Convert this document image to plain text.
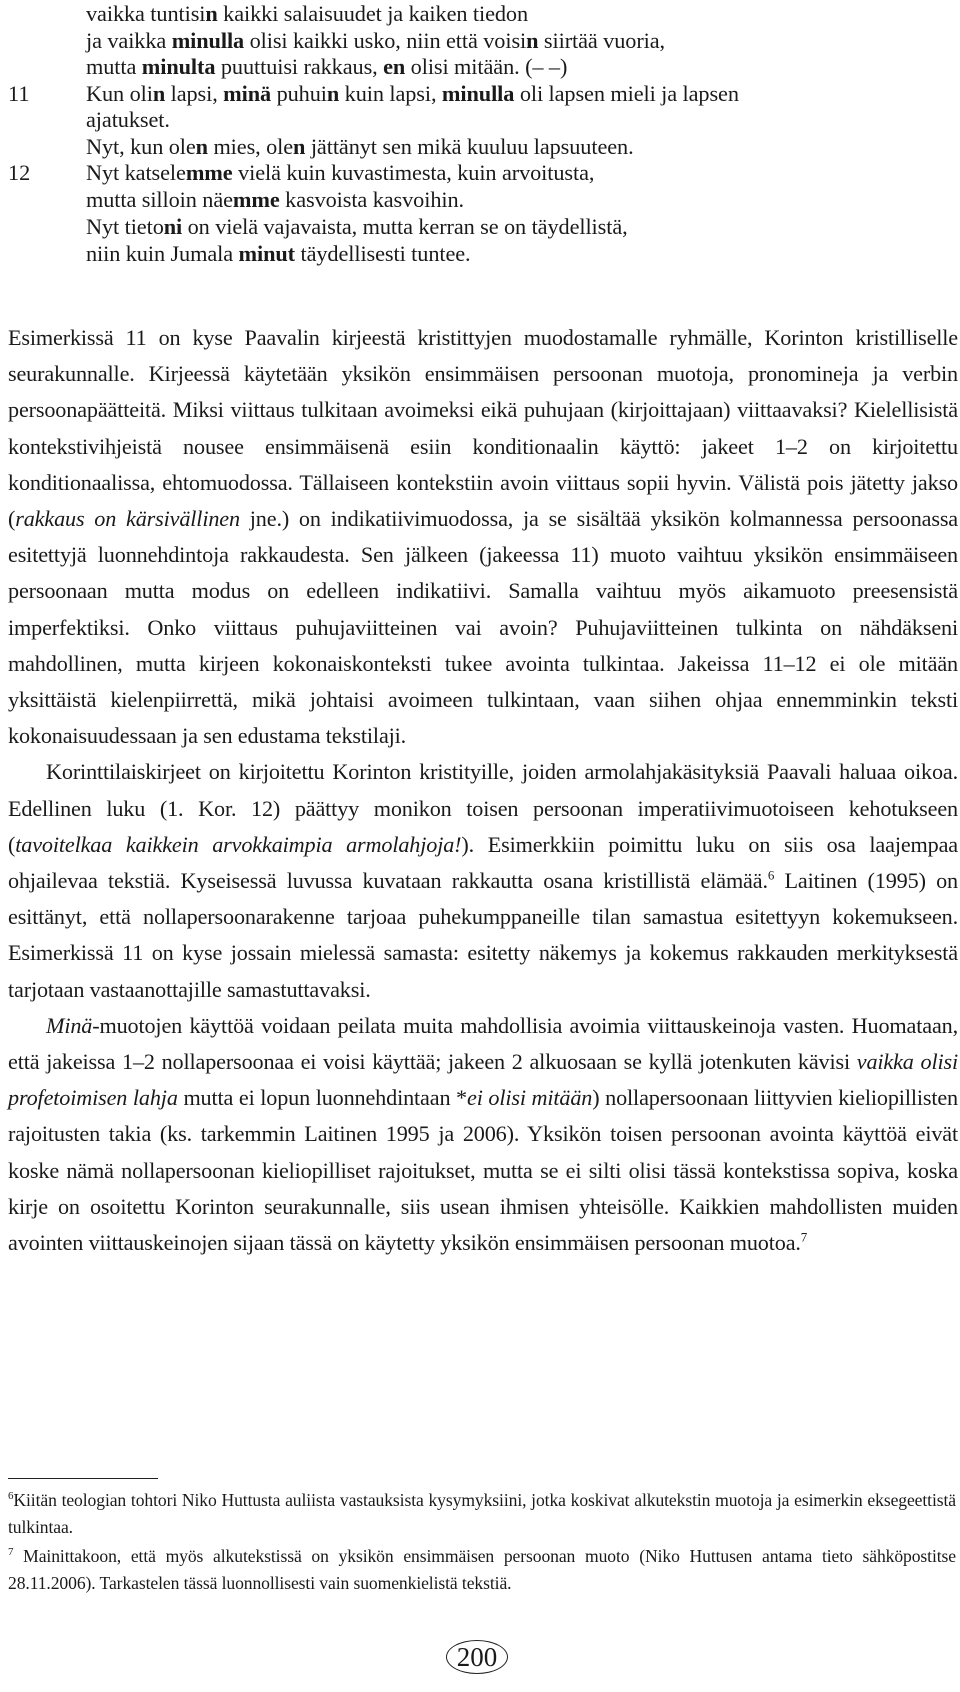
vaikka tuntisin kaikki salaisuudet ja kaiken tiedon
ja vaikka minulla olisi kaikki usko, niin että voisin siirtää vuoria,
mutta minulta puuttuisi rakkaus, en olisi mitään. (– –)
11	Kun olin lapsi, minä puhuin kuin lapsi, minulla oli lapsen mieli ja lapsen
ajatukset.
Nyt, kun olen mies, olen jättänyt sen mikä kuuluu lapsuuteen.
12 Nyt katselemme vielä kuin kuvastimesta, kuin arvoitusta,
mutta silloin näemme kasvoista kasvoihin.
Nyt tietoni on vielä vajavaista, mutta kerran se on täydellistä,
niin kuin Jumala minut täydellisesti tuntee.

Esimerkissä 11 on kyse Paavalin kirjeestä kristittyjen muodostamalle ryhmälle, Korinton kristilliselle seurakunnalle. Kirjeessä käytetään yksikön ensimmäisen persoonan muotoja, pronomineja ja verbin persoonapäätteitä. Miksi viittaus tulkitaan avoimeksi eikä puhujaan (kirjoittajaan) viittaavaksi? Kielellisistä kontekstivihjeistä nousee ensimmäisenä esiin konditionaalin käyttö: jakeet 1–2 on kirjoitettu konditionaalissa, ehtomuodossa. Tällaiseen kontekstiin avoin viittaus sopii hyvin. Välistä pois jätetty jakso (rakkaus on kärsivällinen jne.) on indikatiivimuodossa, ja se sisältää yksikön kolmannessa persoonassa esitettyjä luonnehdintoja rakkaudesta. Sen jälkeen (jakeessa 11) muoto vaihtuu yksikön ensimmäiseen persoonaan mutta modus on edelleen indikatiivi. Samalla vaihtuu myös aikamuoto preesensistä imperfektiksi. Onko viittaus puhujaviitteinen vai avoin? Puhujaviitteinen tulkinta on nähdäkseni mahdollinen, mutta kirjeen kokonaiskonteksti tukee avointa tulkintaa. Jakeissa 11–12 ei ole mitään yksittäistä kielenpiirrettä, mikä johtaisi avoimeen tulkintaan, vaan siihen ohjaa ennemminkin teksti kokonaisuudessaan ja sen edustama tekstilaji.

Korinttilaiskirjeet on kirjoitettu Korinton kristityille, joiden armolahjakäsityksiä Paavali haluaa oikoa. Edellinen luku (1. Kor. 12) päättyy monikon toisen persoonan imperatiivimuotoiseen kehotukseen (tavoitelkaa kaikkein arvokkaimpia armolahjoja!). Esimerkkiin poimittu luku on siis osa laajempaa ohjailevaa tekstiä. Kyseisessä luvussa kuvataan rakkautta osana kristillistä elämää.$^6$ Laitinen (1995) on esittänyt, että nollapersoonarakenne tarjoaa puhekumppaneille tilan samastua esitettyyn kokemukseen. Esimerkissä 11 on kyse jossain mielessä samasta: esitetty näkemys ja kokemus rakkauden merkityksestä tarjotaan vastaanottajille samastuttavaksi.

Minä-muotojen käyttöä voidaan peilata muita mahdollisia avoimia viittauskeinoja vasten. Huomataan, että jakeissa 1–2 nollapersoonaa ei voisi käyttää; jakeen 2 alkuosaan se kyllä jotenkuten kävisi vaikka olisi profetoimisen lahja mutta ei lopun luonnehdintaan *ei olisi mitään) nollapersoonaan liittyvien kieliopillisten rajoitusten takia (ks. tarkemmin Laitinen 1995 ja 2006). Yksikön toisen persoonan avointa käyttöä eivät koske nämä nollapersoonan kieliopilliset rajoitukset, mutta se ei silti olisi tässä kontekstissa sopiva, koska kirje on osoitettu Korinton seurakunnalle, siis usean ihmisen yhteisölle. Kaikkien mahdollisten muiden avointen viittauskeinojen sijaan tässä on käytetty yksikön ensimmäisen persoonan muotoa.$^7$

$^6$Kiitän teologian tohtori Niko Huttusta auliista vastauksista kysymyksiini, jotka koskivat alkutekstin muotoja ja esimerkin eksegeettistä tulkintaa.

$^7$ Mainittakoon, että myös alkutekstissä on yksikön ensimmäisen persoonan muoto (Niko Huttusen antama tieto sähköpostitse 28.11.2006). Tarkastelen tässä luonnollisesti vain suomenkielistä tekstiä.

200
